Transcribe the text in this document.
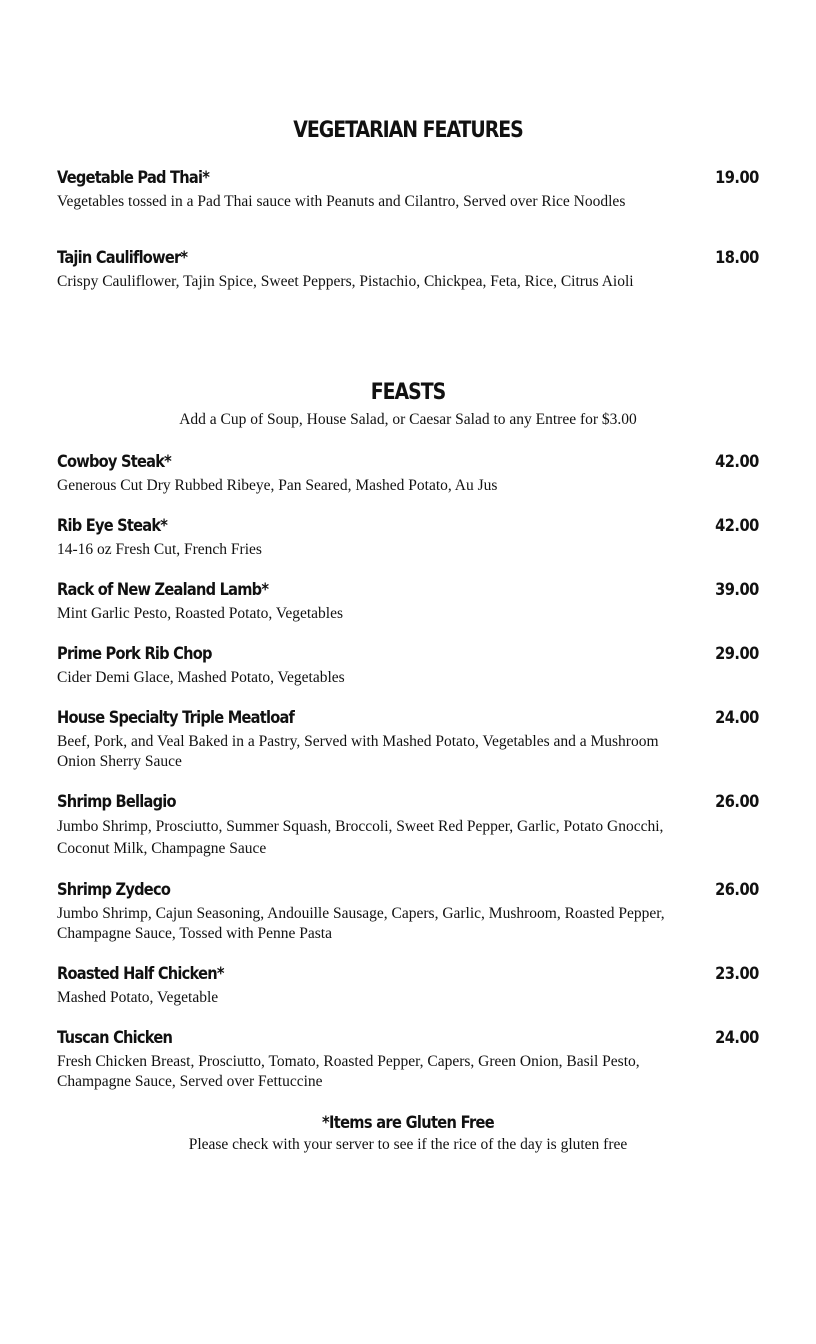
VEGETARIAN FEATURES
Vegetable Pad Thai*	19.00

Vegetables tossed in a Pad Thai sauce with Peanuts and Cilantro, Served over Rice Noodles

Tajin Cauliflower*	18.00

Crispy Cauliflower, Tajin Spice, Sweet Peppers, Pistachio, Chickpea, Feta, Rice, Citrus Aioli

FEASTS

Add a Cup of Soup, House Salad, or Caesar Salad to any Entree for $3.00

Cowboy Steak*	42.00

Generous Cut Dry Rubbed Ribeye, Pan Seared, Mashed Potato, Au Jus

Rib Eye Steak*	42.00

14-16 oz Fresh Cut, French Fries

Rack of New Zealand Lamb*	39.00

Mint Garlic Pesto, Roasted Potato, Vegetables

Prime Pork Rib Chop	29.00

Cider Demi Glace, Mashed Potato, Vegetables

House Specialty Triple Meatloaf	24.00

Beef, Pork, and Veal Baked in a Pastry, Served with Mashed Potato, Vegetables and a Mushroom Onion Sherry Sauce

Shrimp Bellagio	26.00

Jumbo Shrimp, Prosciutto, Summer Squash, Broccoli, Sweet Red Pepper, Garlic, Potato Gnocchi, Coconut Milk, Champagne Sauce

Shrimp Zydeco	26.00

Jumbo Shrimp, Cajun Seasoning, Andouille Sausage, Capers, Garlic, Mushroom, Roasted Pepper, Champagne Sauce, Tossed with Penne Pasta

Roasted Half Chicken*	23.00

Mashed Potato, Vegetable

Tuscan Chicken	24.00

Fresh Chicken Breast, Prosciutto, Tomato, Roasted Pepper, Capers, Green Onion, Basil Pesto, Champagne Sauce, Served over Fettuccine

*Items are Gluten Free

Please check with your server to see if the rice of the day is gluten free
